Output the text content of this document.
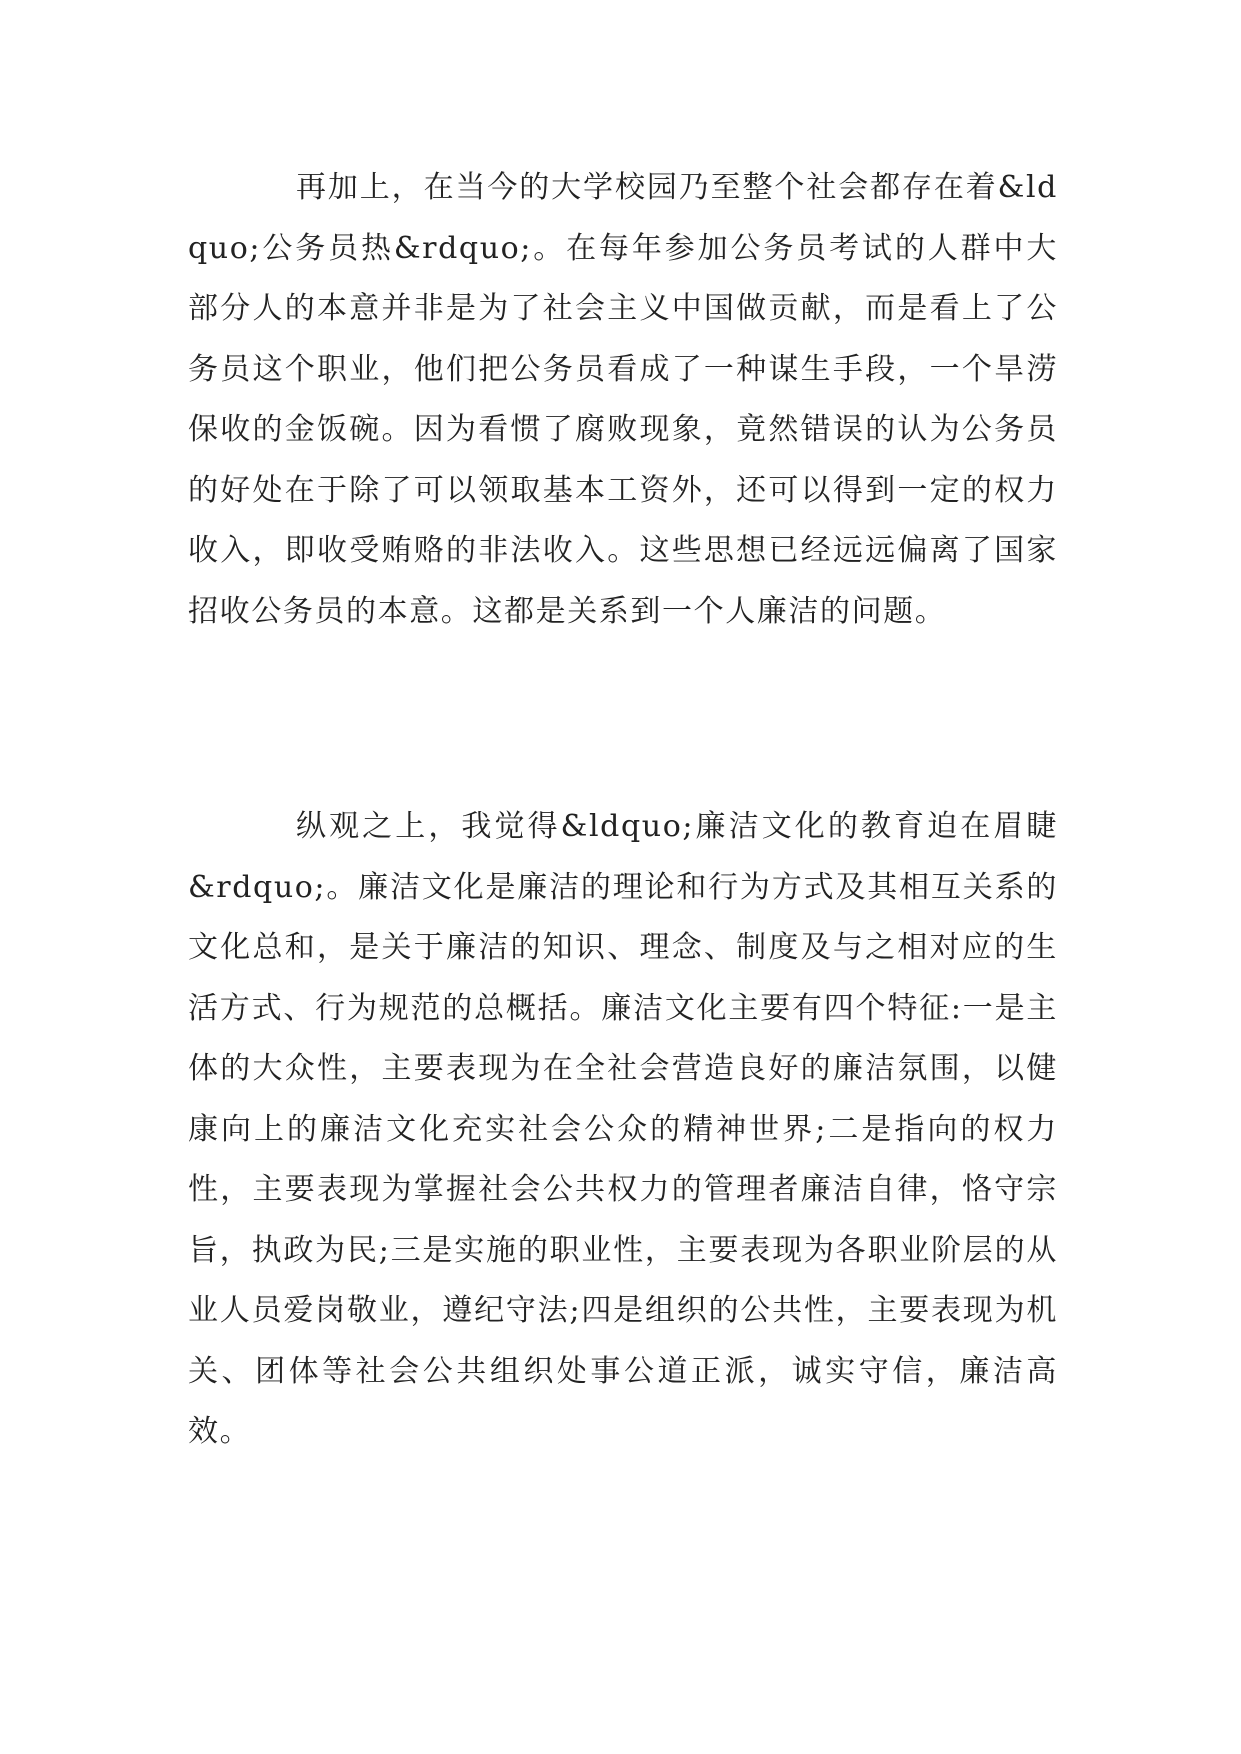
再加上，在当今的大学校园乃至整个社会都存在着&ldquo;公务员热&rdquo;。在每年参加公务员考试的人群中大部分人的本意并非是为了社会主义中国做贡献，而是看上了公务员这个职业，他们把公务员看成了一种谋生手段，一个旱涝保收的金饭碗。因为看惯了腐败现象，竟然错误的认为公务员的好处在于除了可以领取基本工资外，还可以得到一定的权力收入，即收受贿赂的非法收入。这些思想已经远远偏离了国家招收公务员的本意。这都是关系到一个人廉洁的问题。

纵观之上，我觉得&ldquo;廉洁文化的教育迫在眉睫&rdquo;。廉洁文化是廉洁的理论和行为方式及其相互关系的文化总和，是关于廉洁的知识、理念、制度及与之相对应的生活方式、行为规范的总概括。廉洁文化主要有四个特征:一是主体的大众性，主要表现为在全社会营造良好的廉洁氛围，以健康向上的廉洁文化充实社会公众的精神世界;二是指向的权力性，主要表现为掌握社会公共权力的管理者廉洁自律，恪守宗旨，执政为民;三是实施的职业性，主要表现为各职业阶层的从业人员爱岗敬业，遵纪守法;四是组织的公共性，主要表现为机关、团体等社会公共组织处事公道正派，诚实守信，廉洁高效。
